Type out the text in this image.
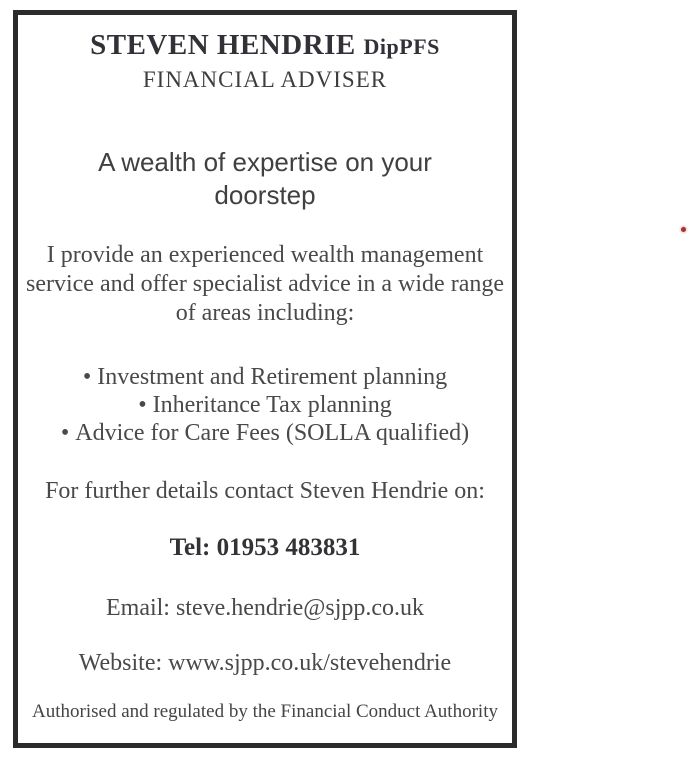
STEVEN HENDRIE DipPFS
FINANCIAL ADVISER
A wealth of expertise on your doorstep
I provide an experienced wealth management service and offer specialist advice in a wide range of areas including:
• Investment and Retirement planning
• Inheritance Tax planning
• Advice for Care Fees (SOLLA qualified)
For further details contact Steven Hendrie on:
Tel: 01953 483831
Email: steve.hendrie@sjpp.co.uk
Website: www.sjpp.co.uk/stevehendrie
Authorised and regulated by the Financial Conduct Authority
